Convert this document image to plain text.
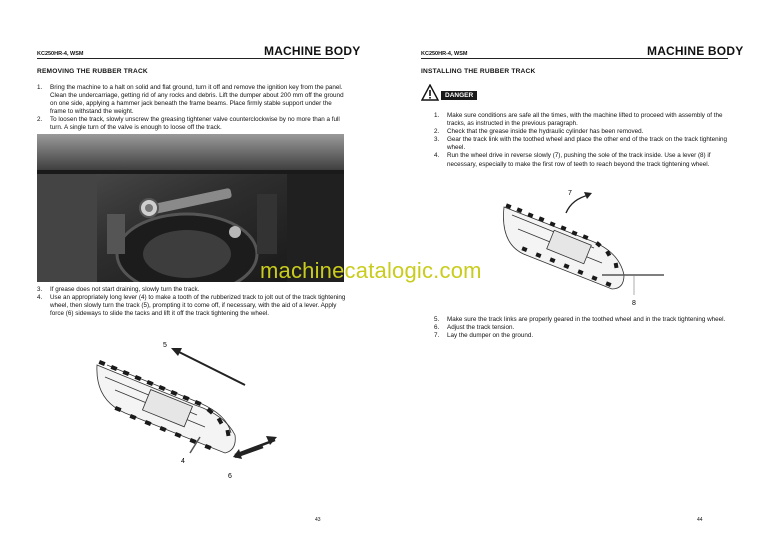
KC250HR-4, WSM	MACHINE BODY
REMOVING THE RUBBER TRACK
1. Bring the machine to a halt on solid and flat ground, turn it off and remove the ignition key from the panel. Clean the undercarriage, getting rid of any rocks and debris. Lift the dumper about 200 mm off the ground on one side, applying a hammer jack beneath the frame beams. Place firmly stable support under the frame to withstand the weight.
2. To loosen the track, slowly unscrew the greasing tightener valve counterclockwise by no more than a full turn. A single turn of the valve is enough to loose off the track.
3. If grease does not start draining, slowly turn the track.
4. Use an appropriately long lever (4) to make a tooth of the rubberized track to jolt out of the track tightening wheel, then slowly turn the track (5), prompting it to come off, if necessary, with the aid of a lever. Apply force (6) sideways to slide the tacks and lift it off the track tightening the wheel.
5
4
6
43
KC250HR-4, WSM	MACHINE BODY
INSTALLING THE RUBBER TRACK
DANGER
1. Make sure conditions are safe all the times, with the machine lifted to proceed with assembly of the tracks, as instructed in the previous paragraph.
2. Check that the grease inside the hydraulic cylinder has been removed.
3. Gear the track link with the toothed wheel and place the other end of the track on the track tightening wheel.
4. Run the wheel drive in reverse slowly (7), pushing the sole of the track inside. Use a lever (8) if necessary, especially to make the first row of teeth to reach beyond the track tightening wheel.
7
8
5. Make sure the track links are properly geared in the toothed wheel and in the track tightening wheel.
6. Adjust the track tension.
7. Lay the dumper on the ground.
44
machinecatalogic.com
